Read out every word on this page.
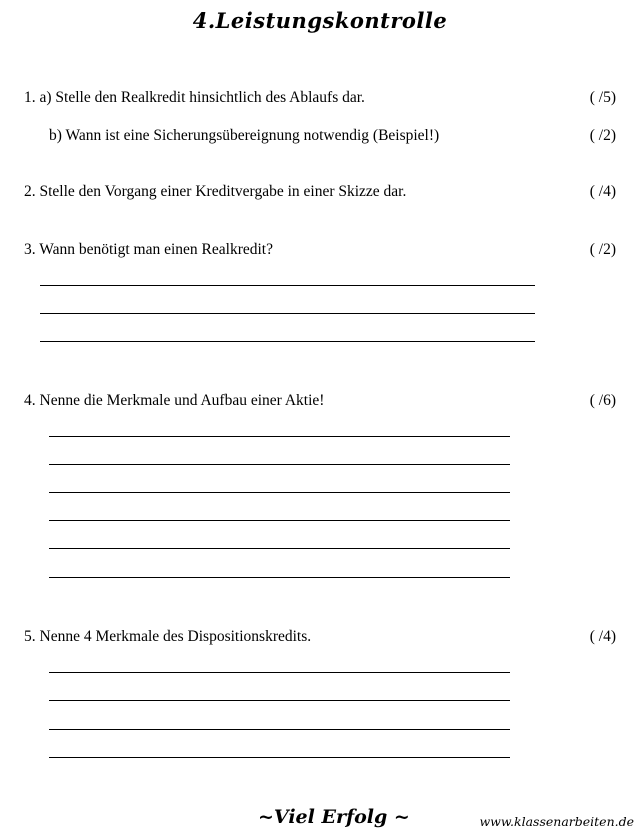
4.Leistungskontrolle
1. a) Stelle den Realkredit hinsichtlich des Ablaufs dar.	( /5)
b) Wann ist eine Sicherungsübereignung notwendig (Beispiel!)	( /2)
2. Stelle den Vorgang einer Kreditvergabe in einer Skizze dar.	( /4)
3. Wann benötigt man einen Realkredit?	( /2)
4. Nenne die Merkmale und Aufbau einer Aktie!	( /6)
5. Nenne 4 Merkmale des Dispositionskredits.	( /4)
~Viel Erfolg ~	www.klassenarbeiten.de
